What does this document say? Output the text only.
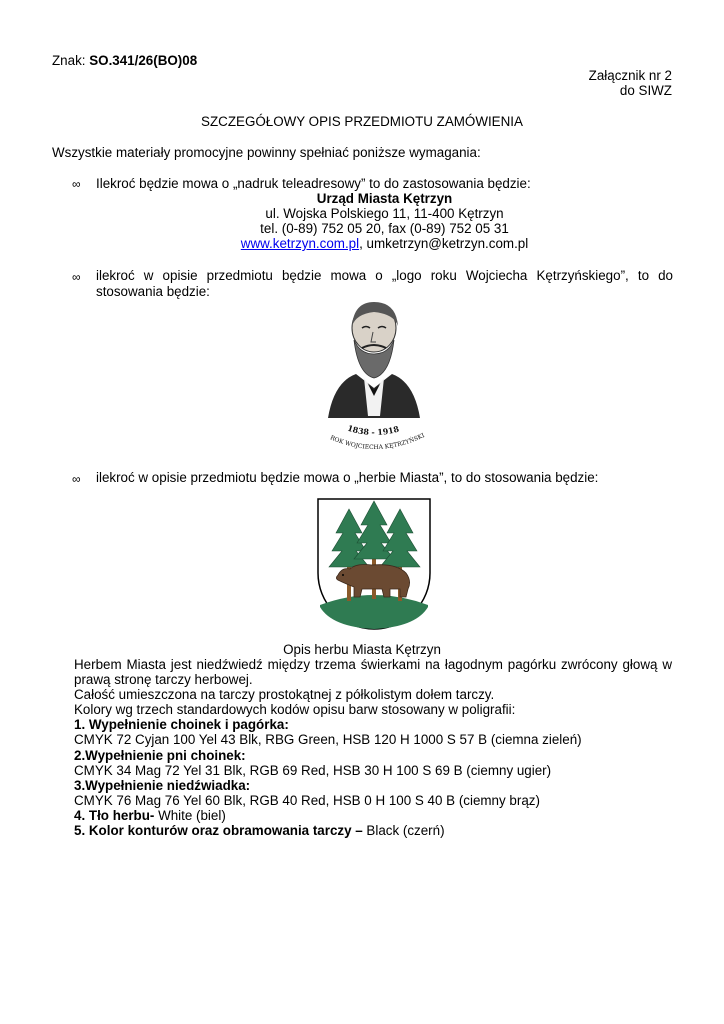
Znak: SO.341/26(BO)08
Załącznik nr 2
do SIWZ
SZCZEGÓŁOWY OPIS PRZEDMIOTU ZAMÓWIENIA
Wszystkie materiały promocyjne powinny spełniać poniższe wymagania:
∞ Ilekroć będzie mowa o „nadruk teleadresowy” to do zastosowania będzie:
Urząd Miasta Kętrzyn
ul. Wojska Polskiego 11, 11-400 Kętrzyn
tel. (0-89) 752 05 20, fax (0-89) 752 05 31
www.ketrzyn.com.pl, umketrzyn@ketrzyn.com.pl
∞ ilekroć w opisie przedmiotu będzie mowa o „logo roku Wojciecha Kętrzyńskiego”, to do
stosowania będzie:
1838 - 1918
ROK WOJCIECHA KĘTRZYŃSKI
∞ ilekroć w opisie przedmiotu będzie mowa o „herbie Miasta”, to do stosowania będzie:
Opis herbu Miasta Kętrzyn
Herbem Miasta jest niedźwiedź między trzema świerkami na łagodnym pagórku zwrócony głową w
prawą stronę tarczy herbowej.
Całość umieszczona na tarczy prostokątnej z półkolistym dołem tarczy.
Kolory wg trzech standardowych kodów opisu barw stosowany w poligrafii:
1. Wypełnienie choinek i pagórka:
CMYK 72 Cyjan 100 Yel 43 Blk, RBG Green, HSB 120 H 1000 S 57 B (ciemna zieleń)
2.Wypełnienie pni choinek:
CMYK 34 Mag 72 Yel 31 Blk, RGB 69 Red, HSB 30 H 100 S 69 B (ciemny ugier)
3.Wypełnienie niedźwiadka:
CMYK 76 Mag 76 Yel 60 Blk, RGB 40 Red, HSB 0 H 100 S 40 B (ciemny brąz)
4. Tło herbu- White (biel)
5. Kolor konturów oraz obramowania tarczy – Black (czerń)
